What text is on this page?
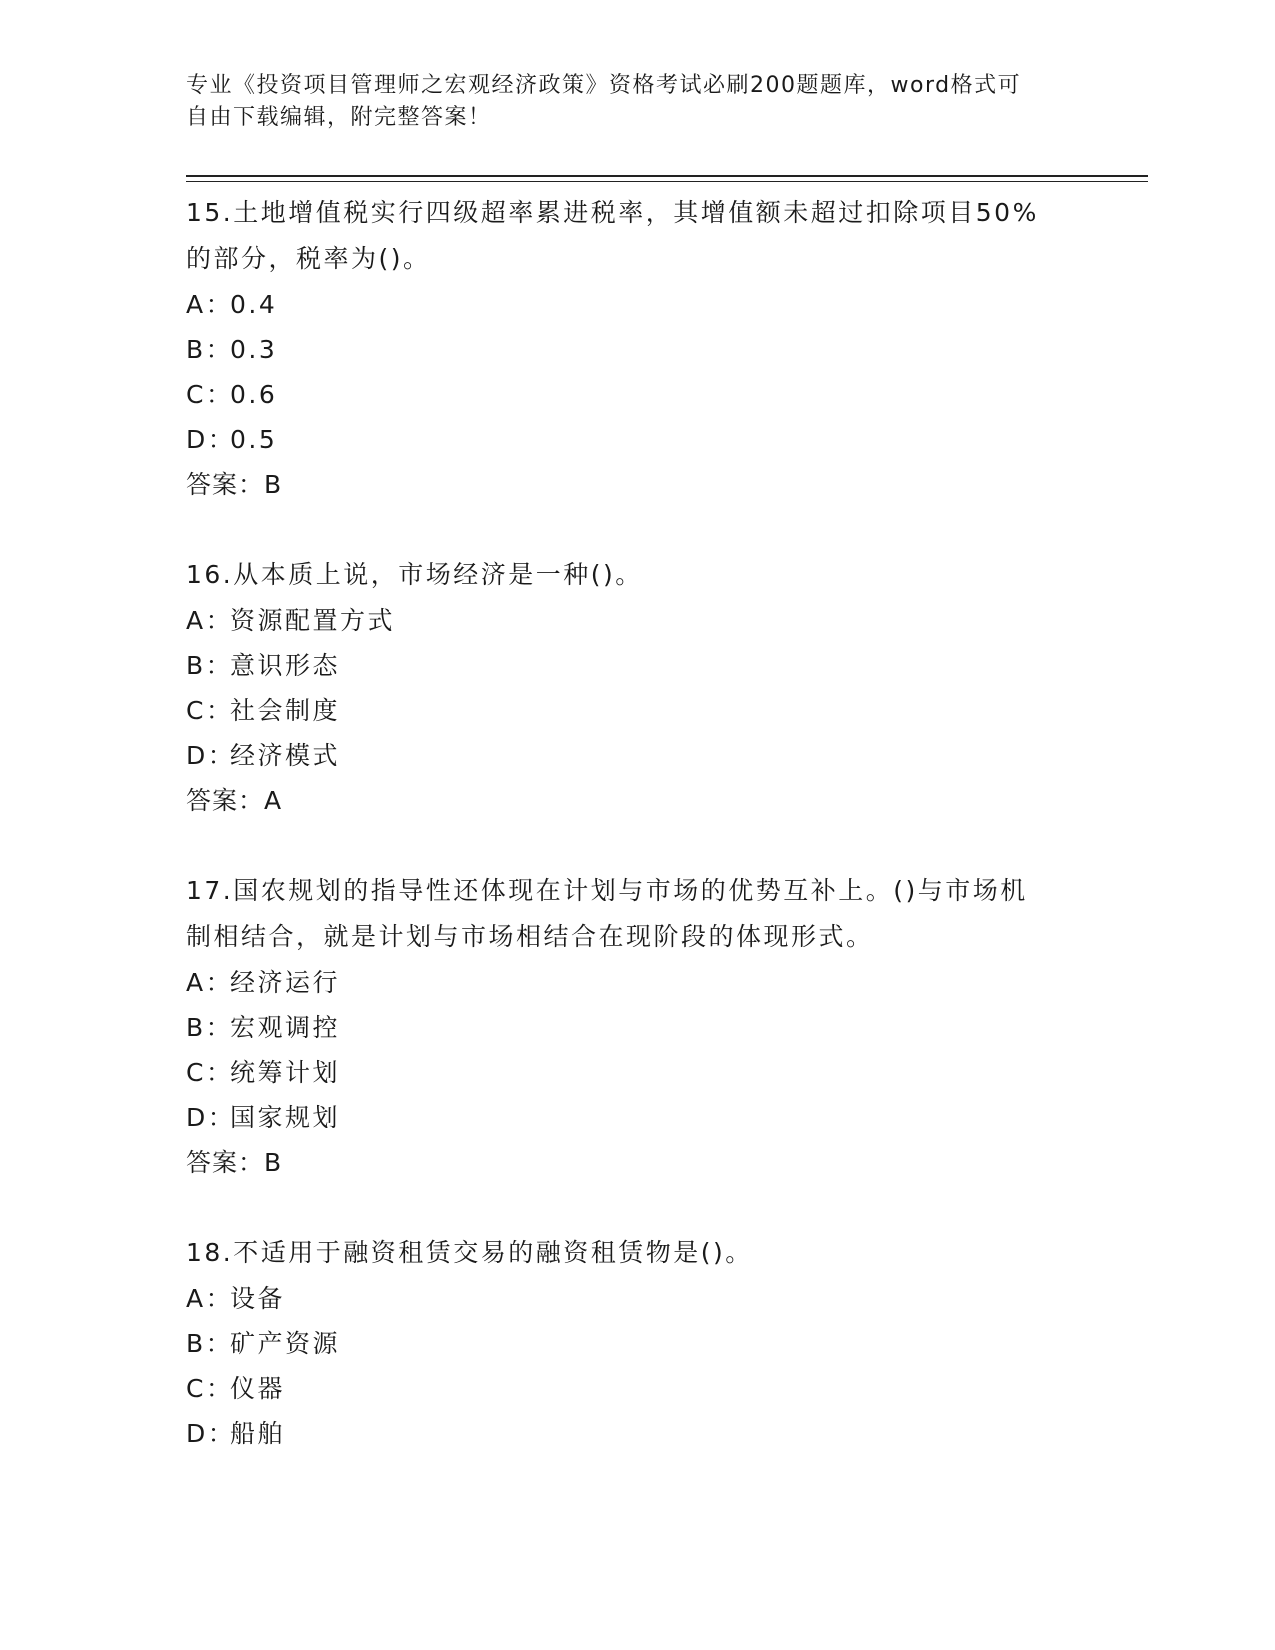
专业《投资项目管理师之宏观经济政策》资格考试必刷200题题库，word格式可
自由下载编辑，附完整答案！

15.土地增值税实行四级超率累进税率，其增值额未超过扣除项目50%
的部分，税率为()。

A：0.4
B：0.3
C：0.6
D：0.5
答案：B

16.从本质上说，市场经济是一种()。

A：资源配置方式
B：意识形态
C：社会制度
D：经济模式
答案：A

17.国农规划的指导性还体现在计划与市场的优势互补上。()与市场机
制相结合，就是计划与市场相结合在现阶段的体现形式。

A：经济运行
B：宏观调控
C：统筹计划
D：国家规划
答案：B

18.不适用于融资租赁交易的融资租赁物是()。

A：设备
B：矿产资源
C：仪器
D：船舶
